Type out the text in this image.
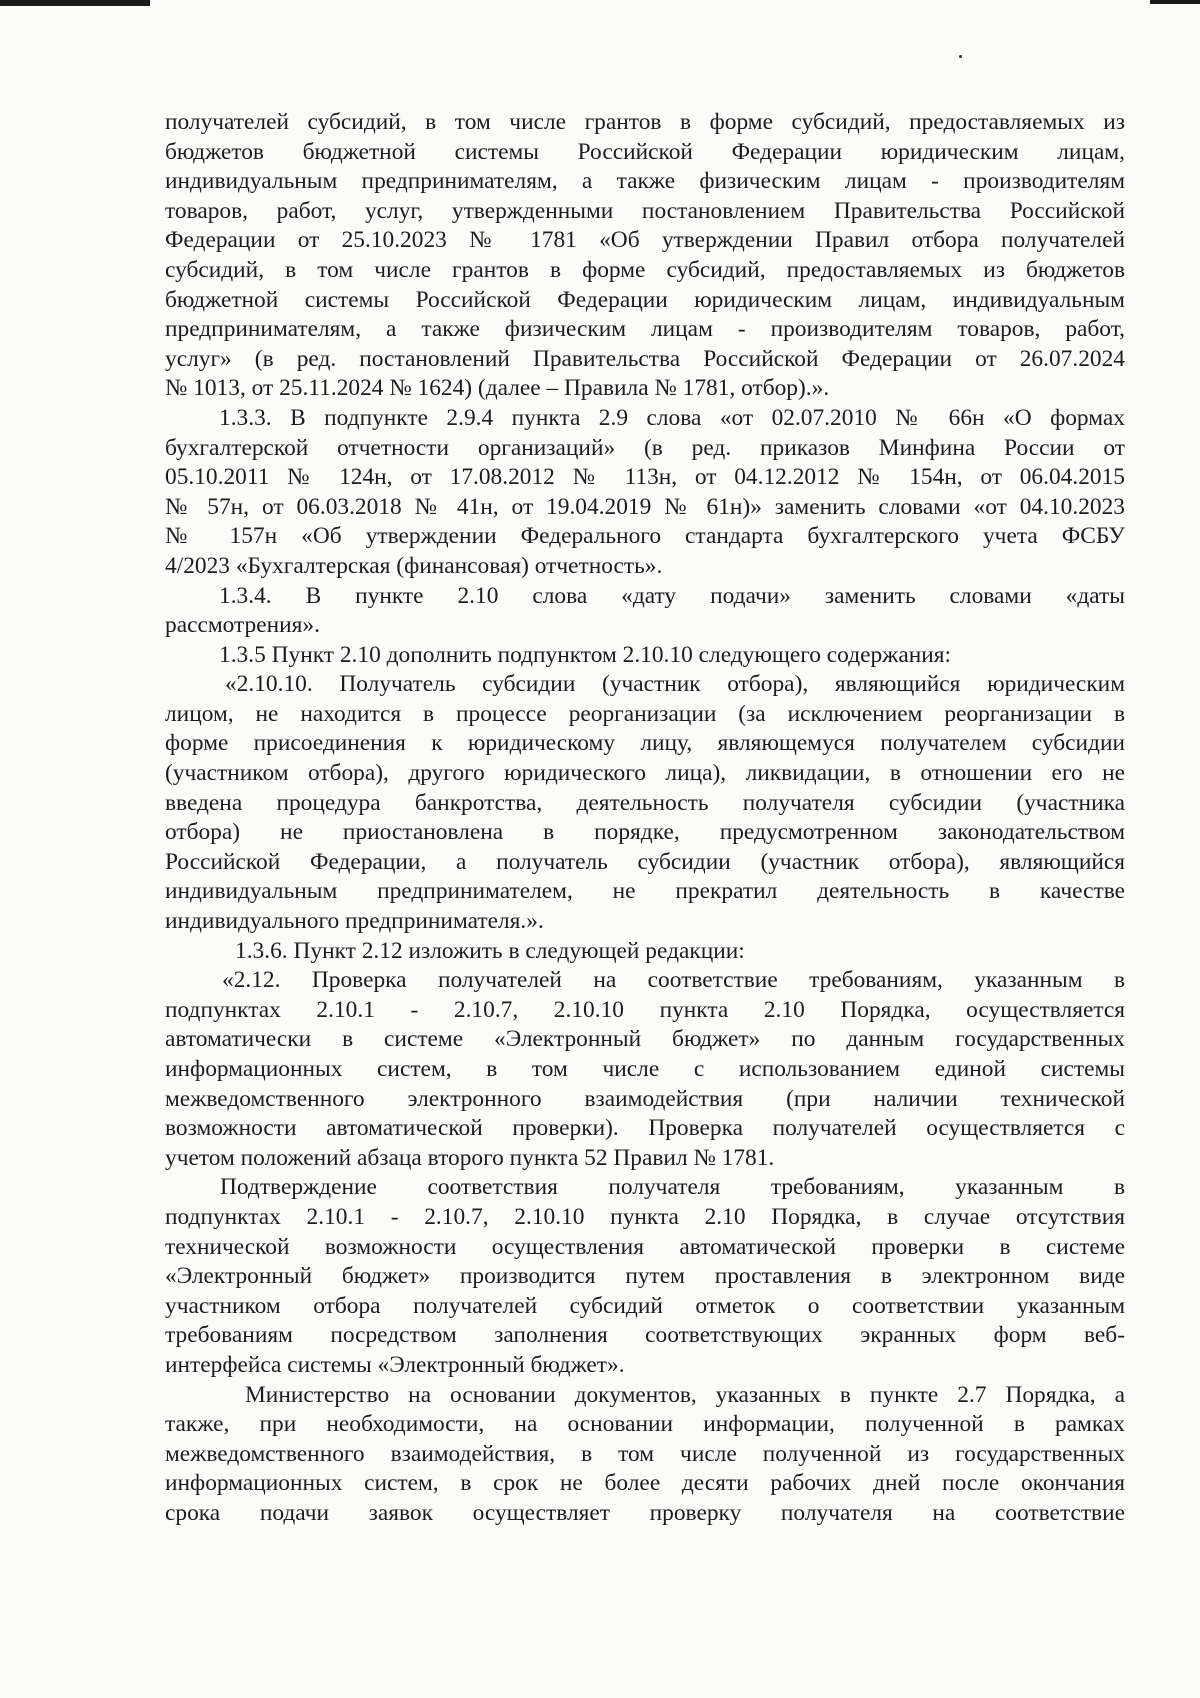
получателей субсидий, в том числе грантов в форме субсидий, предоставляемых из

бюджетов бюджетной системы Российской Федерации юридическим лицам,

индивидуальным предпринимателям, а также физическим лицам - производителям

товаров, работ, услуг, утвержденными постановлением Правительства Российской

Федерации от 25.10.2023 № 1781 «Об утверждении Правил отбора получателей

субсидий, в том числе грантов в форме субсидий, предоставляемых из бюджетов

бюджетной системы Российской Федерации юридическим лицам, индивидуальным

предпринимателям, а также физическим лицам - производителям товаров, работ,

услуг» (в ред. постановлений Правительства Российской Федерации от 26.07.2024

№ 1013, от 25.11.2024 № 1624) (далее – Правила № 1781, отбор).».

1.3.3. В подпункте 2.9.4 пункта 2.9 слова «от 02.07.2010 № 66н «О формах

бухгалтерской отчетности организаций» (в ред. приказов Минфина России от

05.10.2011 № 124н, от 17.08.2012 № 113н, от 04.12.2012 № 154н, от 06.04.2015

№ 57н, от 06.03.2018 № 41н, от 19.04.2019 № 61н)» заменить словами «от 04.10.2023

№ 157н «Об утверждении Федерального стандарта бухгалтерского учета ФСБУ

4/2023 «Бухгалтерская (финансовая) отчетность».

1.3.4. В пункте 2.10 слова «дату подачи» заменить словами «даты

рассмотрения».

1.3.5 Пункт 2.10 дополнить подпунктом 2.10.10 следующего содержания:

«2.10.10. Получатель субсидии (участник отбора), являющийся юридическим

лицом, не находится в процессе реорганизации (за исключением реорганизации в

форме присоединения к юридическому лицу, являющемуся получателем субсидии

(участником отбора), другого юридического лица), ликвидации, в отношении его не

введена процедура банкротства, деятельность получателя субсидии (участника

отбора) не приостановлена в порядке, предусмотренном законодательством

Российской Федерации, а получатель субсидии (участник отбора), являющийся

индивидуальным предпринимателем, не прекратил деятельность в качестве

индивидуального предпринимателя.».

1.3.6. Пункт 2.12 изложить в следующей редакции:

«2.12. Проверка получателей на соответствие требованиям, указанным в

подпунктах 2.10.1 - 2.10.7, 2.10.10 пункта 2.10 Порядка, осуществляется

автоматически в системе «Электронный бюджет» по данным государственных

информационных систем, в том числе с использованием единой системы

межведомственного электронного взаимодействия (при наличии технической

возможности автоматической проверки). Проверка получателей осуществляется с

учетом положений абзаца второго пункта 52 Правил № 1781.

Подтверждение соответствия получателя требованиям, указанным в

подпунктах 2.10.1 - 2.10.7, 2.10.10 пункта 2.10 Порядка, в случае отсутствия

технической возможности осуществления автоматической проверки в системе

«Электронный бюджет» производится путем проставления в электронном виде

участником отбора получателей субсидий отметок о соответствии указанным

требованиям посредством заполнения соответствующих экранных форм веб-

интерфейса системы «Электронный бюджет».

Министерство на основании документов, указанных в пункте 2.7 Порядка, а

также, при необходимости, на основании информации, полученной в рамках

межведомственного взаимодействия, в том числе полученной из государственных

информационных систем, в срок не более десяти рабочих дней после окончания

срока подачи заявок осуществляет проверку получателя на соответствие
